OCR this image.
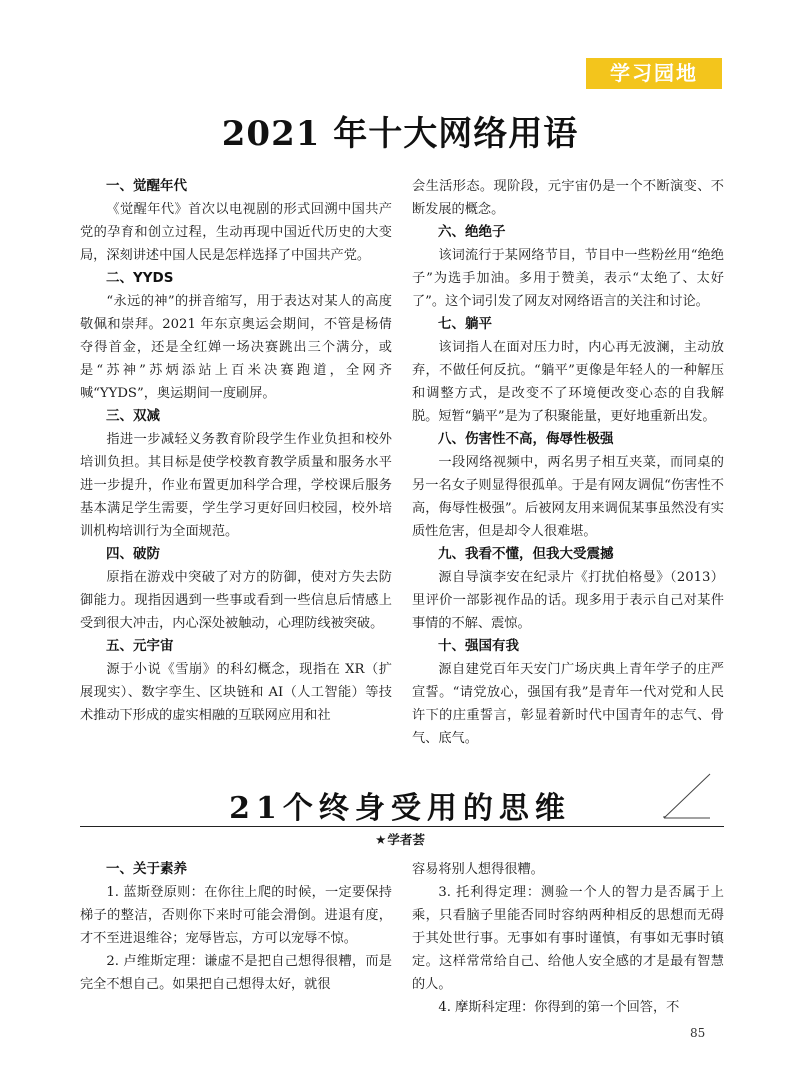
学习园地
2021 年十大网络用语
一、觉醒年代

《觉醒年代》首次以电视剧的形式回溯中国共产党的孕育和创立过程，生动再现中国近代历史的大变局，深刻讲述中国人民是怎样选择了中国共产党。

二、YYDS

“永远的神”的拼音缩写，用于表达对某人的高度敬佩和崇拜。2021 年东京奥运会期间，不管是杨倩夺得首金，还是全红婵一场决赛跳出三个满分，或是“苏神”苏炳添站上百米决赛跑道，全网齐喊“YYDS”，奥运期间一度刷屏。

三、双减

指进一步减轻义务教育阶段学生作业负担和校外培训负担。其目标是使学校教育教学质量和服务水平进一步提升，作业布置更加科学合理，学校课后服务基本满足学生需要，学生学习更好回归校园，校外培训机构培训行为全面规范。

四、破防

原指在游戏中突破了对方的防御，使对方失去防御能力。现指因遇到一些事或看到一些信息后情感上受到很大冲击，内心深处被触动，心理防线被突破。

五、元宇宙

源于小说《雪崩》的科幻概念，现指在 XR（扩展现实）、数字孪生、区块链和 AI（人工智能）等技术推动下形成的虚实相融的互联网应用和社

会生活形态。现阶段，元宇宙仍是一个不断演变、不断发展的概念。

六、绝绝子

该词流行于某网络节目，节目中一些粉丝用“绝绝子”为选手加油。多用于赞美，表示“太绝了、太好了”。这个词引发了网友对网络语言的关注和讨论。

七、躺平

该词指人在面对压力时，内心再无波澜，主动放弃，不做任何反抗。“躺平”更像是年轻人的一种解压和调整方式，是改变不了环境便改变心态的自我解脱。短暂“躺平”是为了积聚能量，更好地重新出发。

八、伤害性不高，侮辱性极强

一段网络视频中，两名男子相互夹菜，而同桌的另一名女子则显得很孤单。于是有网友调侃“伤害性不高，侮辱性极强”。后被网友用来调侃某事虽然没有实质性危害，但是却令人很难堪。

九、我看不懂，但我大受震撼

源自导演李安在纪录片《打扰伯格曼》（2013）里评价一部影视作品的话。现多用于表示自己对某件事情的不解、震惊。

十、强国有我

源自建党百年天安门广场庆典上青年学子的庄严宣誓。“请党放心，强国有我”是青年一代对党和人民许下的庄重誓言，彰显着新时代中国青年的志气、骨气、底气。

21个终身受用的思维
★学者荟
一、关于素养

1. 蓝斯登原则：在你往上爬的时候，一定要保持梯子的整洁，否则你下来时可能会滑倒。进退有度，才不至进退维谷；宠辱皆忘，方可以宠辱不惊。

2. 卢维斯定理：谦虚不是把自己想得很糟，而是完全不想自己。如果把自己想得太好，就很

容易将别人想得很糟。

3. 托利得定理：测验一个人的智力是否属于上乘，只看脑子里能否同时容纳两种相反的思想而无碍于其处世行事。无事如有事时谨慎，有事如无事时镇定。这样常常给自己、给他人安全感的才是最有智慧的人。

4. 摩斯科定理：你得到的第一个回答，不

85
